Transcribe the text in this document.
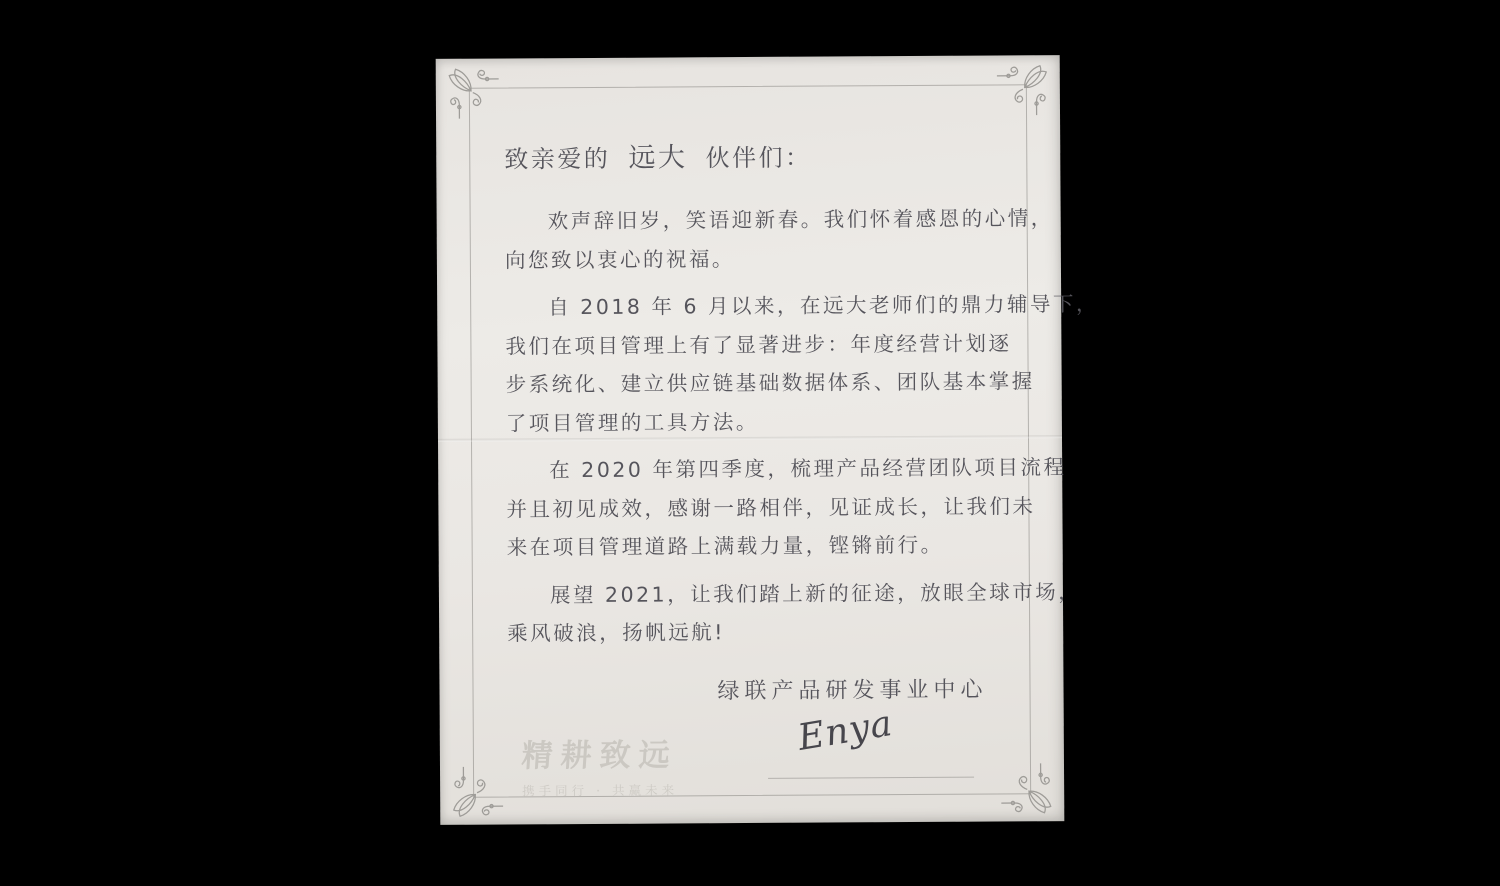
致亲爱的 远大 伙伴们：
欢声辞旧岁，笑语迎新春。我们怀着感恩的心情，
向您致以衷心的祝福。
自 2018 年 6 月以来，在远大老师们的鼎力辅导下，
我们在项目管理上有了显著进步：年度经营计划逐
步系统化、建立供应链基础数据体系、团队基本掌握
了项目管理的工具方法。
在 2020 年第四季度，梳理产品经营团队项目流程
并且初见成效，感谢一路相伴，见证成长，让我们未
来在项目管理道路上满载力量，铿锵前行。
展望 2021，让我们踏上新的征途，放眼全球市场，
乘风破浪，扬帆远航!
绿联产品研发事业中心
Enya
精耕致远
携手同行 · 共赢未来
